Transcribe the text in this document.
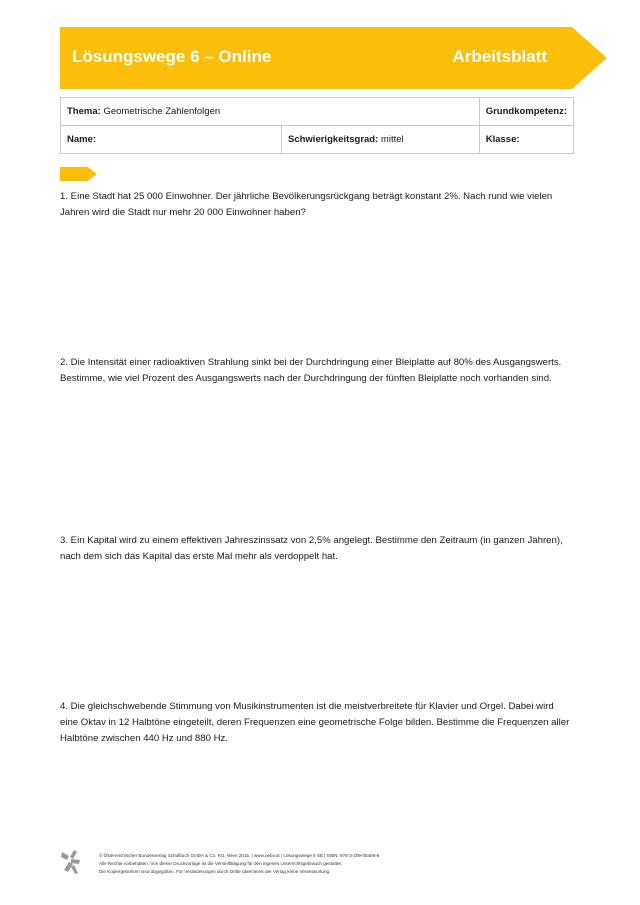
Lösungswege 6 – Online	Arbeitsblatt
Thema: Geometrische Zahlenfolgen		Grundkompetenz:
Name:	Schwierigkeitsgrad: mittel	Klasse:

1. Eine Stadt hat 25 000 Einwohner. Der jährliche Bevölkerungsrückgang beträgt konstant 2%. Nach rund wie vielen Jahren wird die Stadt nur mehr 20 000 Einwohner haben?

2. Die Intensität einer radioaktiven Strahlung sinkt bei der Durchdringung einer Bleiplatte auf 80% des Ausgangswerts. Bestimme, wie viel Prozent des Ausgangswerts nach der Durchdringung der fünften Bleiplatte noch vorhanden sind.

3. Ein Kapital wird zu einem effektiven Jahreszinssatz von 2,5% angelegt. Bestimme den Zeitraum (in ganzen Jahren), nach dem sich das Kapital das erste Mal mehr als verdoppelt hat.

4. Die gleichschwebende Stimmung von Musikinstrumenten ist die meistverbreitete für Klavier und Orgel. Dabei wird eine Oktav in 12 Halbtöne eingeteilt, deren Frequenzen eine geometrische Folge bilden. Bestimme die Frequenzen aller Halbtöne zwischen 440 Hz und 880 Hz.

© Österreichischer Bundesverlag Schulbuch GmbH & Co. KG, Wien 2015. | www.oebv.at | Lösungswege 5 SB | ISBN: 978-3-209-08466-8
Alle Rechte vorbehalten. Von dieser Druckvorlage ist die Vervielfältigung für den eigenen Unterrichtsgebrauch gestattet.
Die Kopiergebühren sind abgegolten. Für Veränderungen durch Dritte übernimmt der Verlag keine Verantwortung.
